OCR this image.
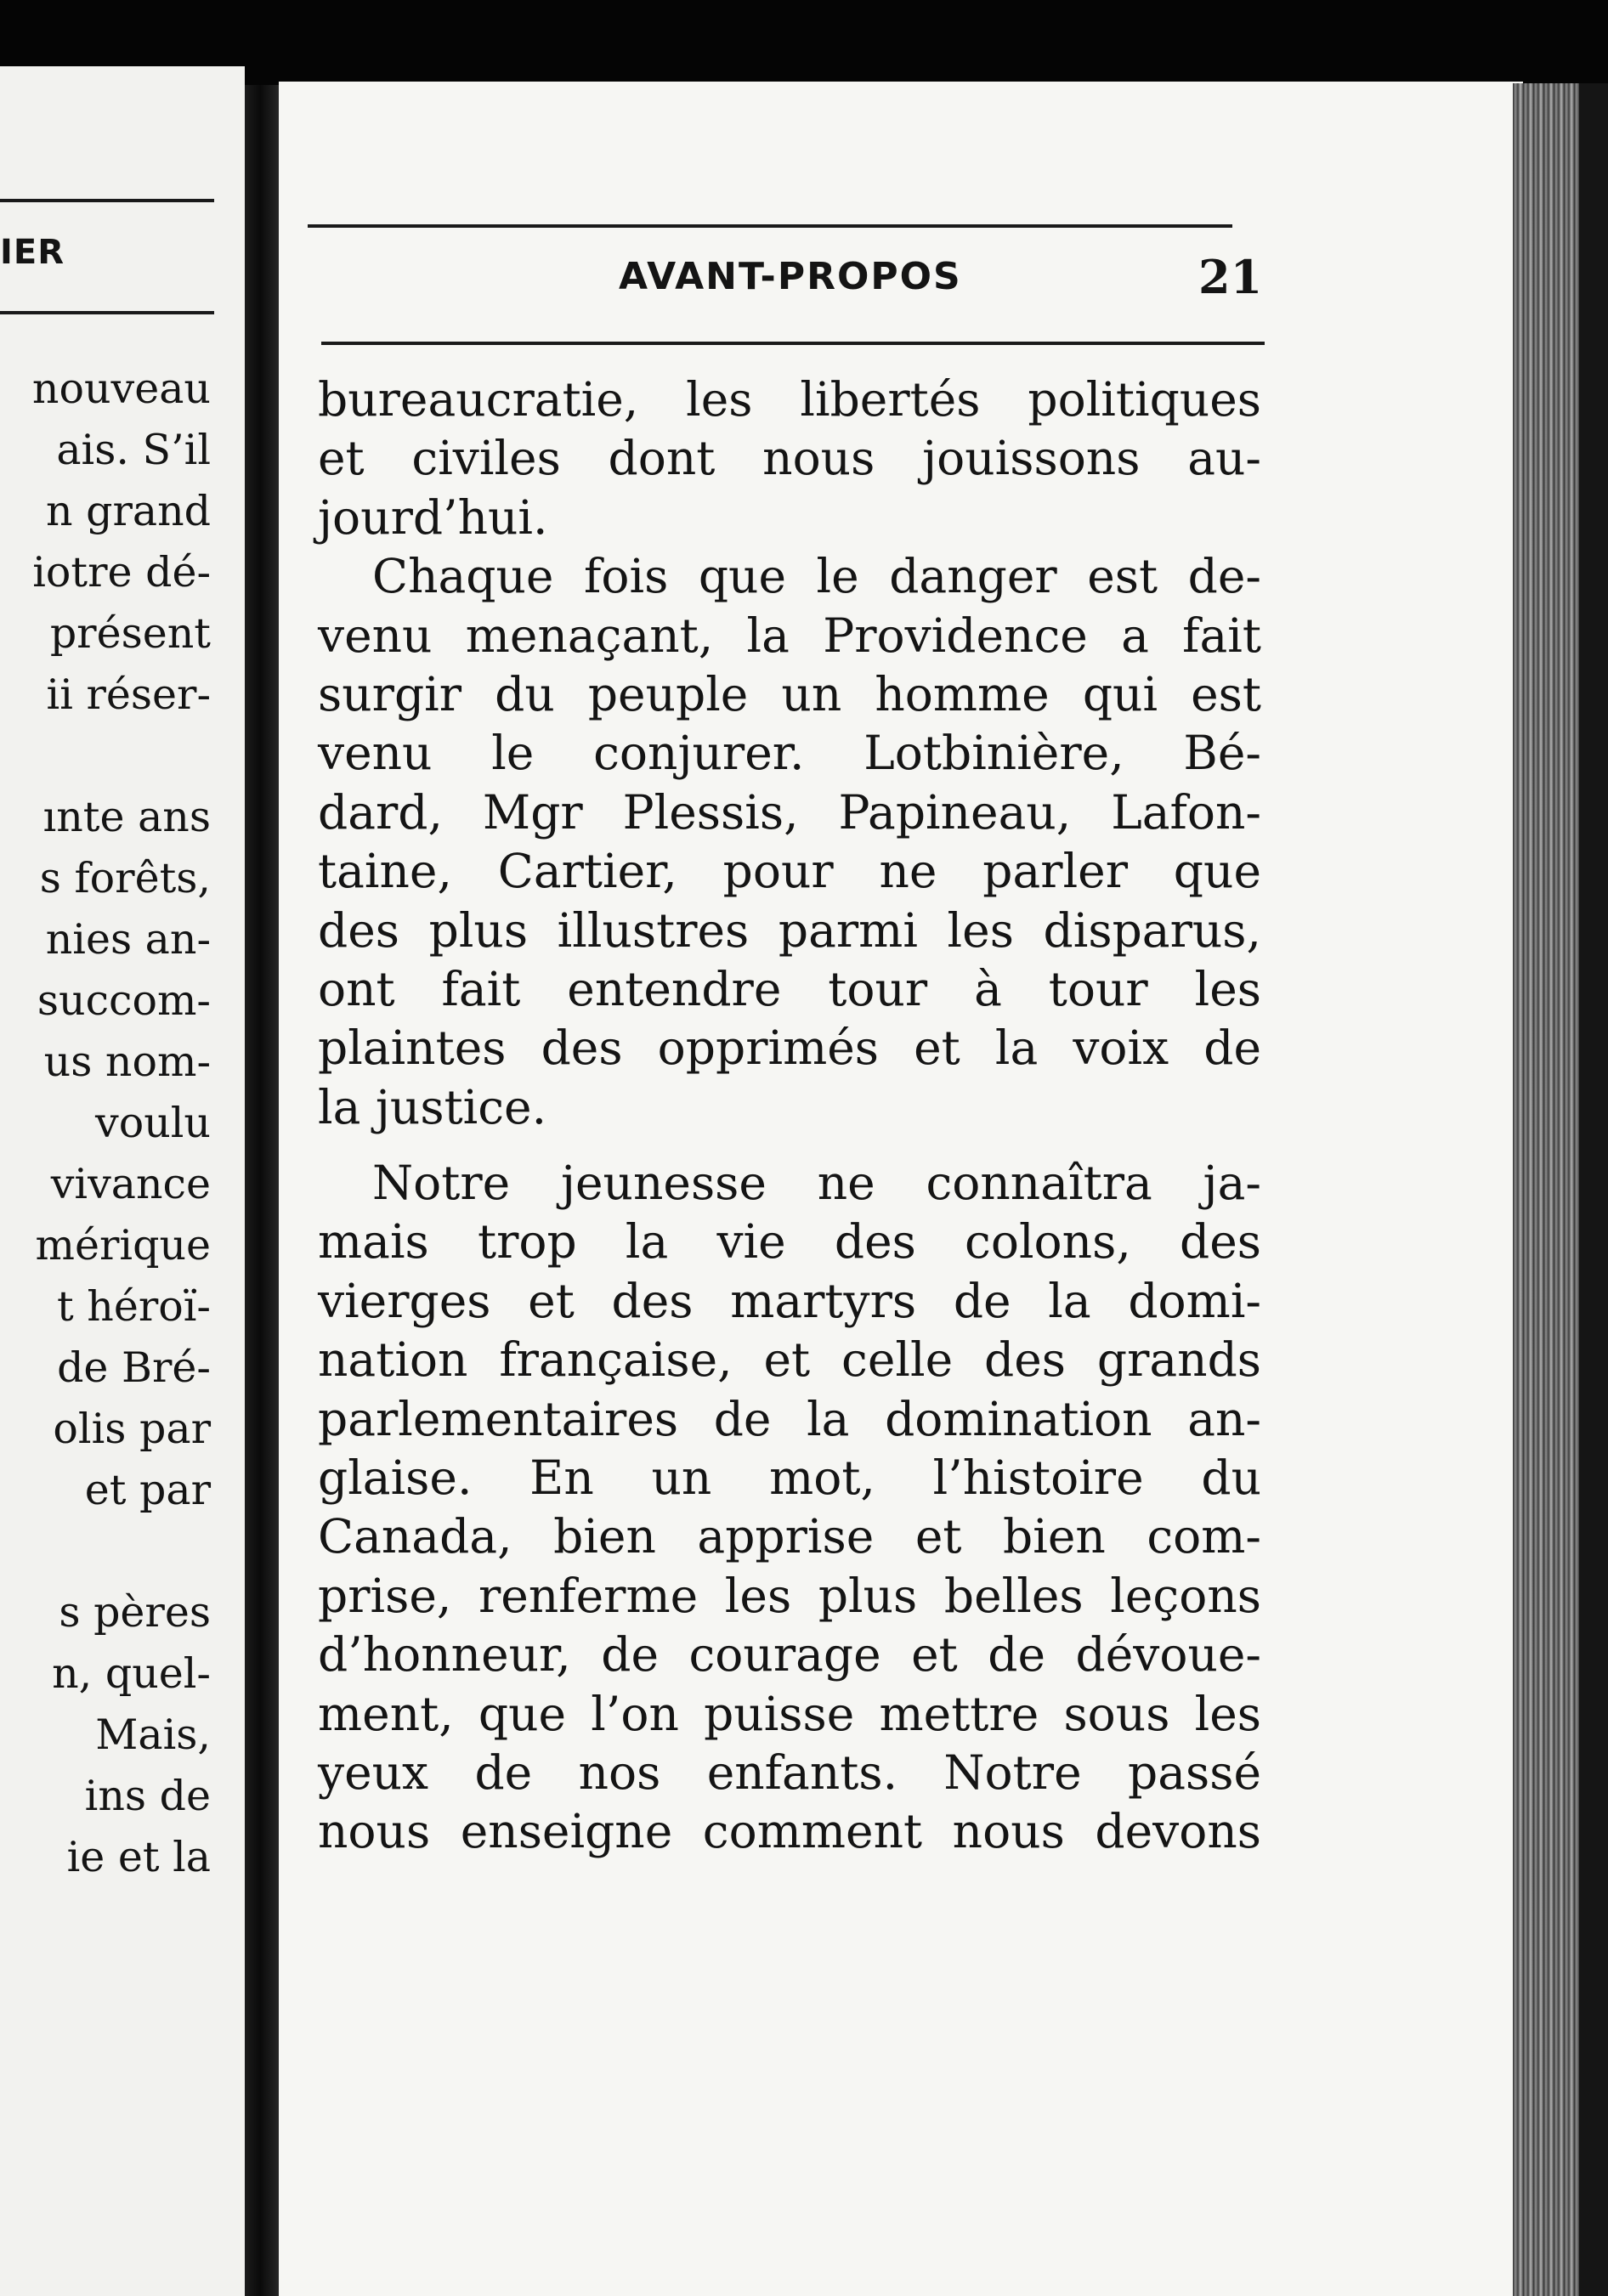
IER
nouveau
ais. S’il
n grand
iotre dé-
présent
ii réser-
ınte ans
s forêts,
nies an-
succom-
us nom-
voulu
vivance
mérique
t héroï-
de Bré-
olis par
et par
s pères
n, quel-
Mais,
ins de
ie et la
AVANT-PROPOS	21
bureaucratie, les libertés politiques
et civiles dont nous jouissons au-
jourd’hui.
Chaque fois que le danger est de-
venu menaçant, la Providence a fait
surgir du peuple un homme qui est
venu le conjurer. Lotbinière, Bé-
dard, Mgr Plessis, Papineau, Lafon-
taine, Cartier, pour ne parler que
des plus illustres parmi les disparus,
ont fait entendre tour à tour les
plaintes des opprimés et la voix de
la justice.
Notre jeunesse ne connaîtra ja-
mais trop la vie des colons, des
vierges et des martyrs de la domi-
nation française, et celle des grands
parlementaires de la domination an-
glaise. En un mot, l’histoire du
Canada, bien apprise et bien com-
prise, renferme les plus belles leçons
d’honneur, de courage et de dévoue-
ment, que l’on puisse mettre sous les
yeux de nos enfants. Notre passé
nous enseigne comment nous devons
